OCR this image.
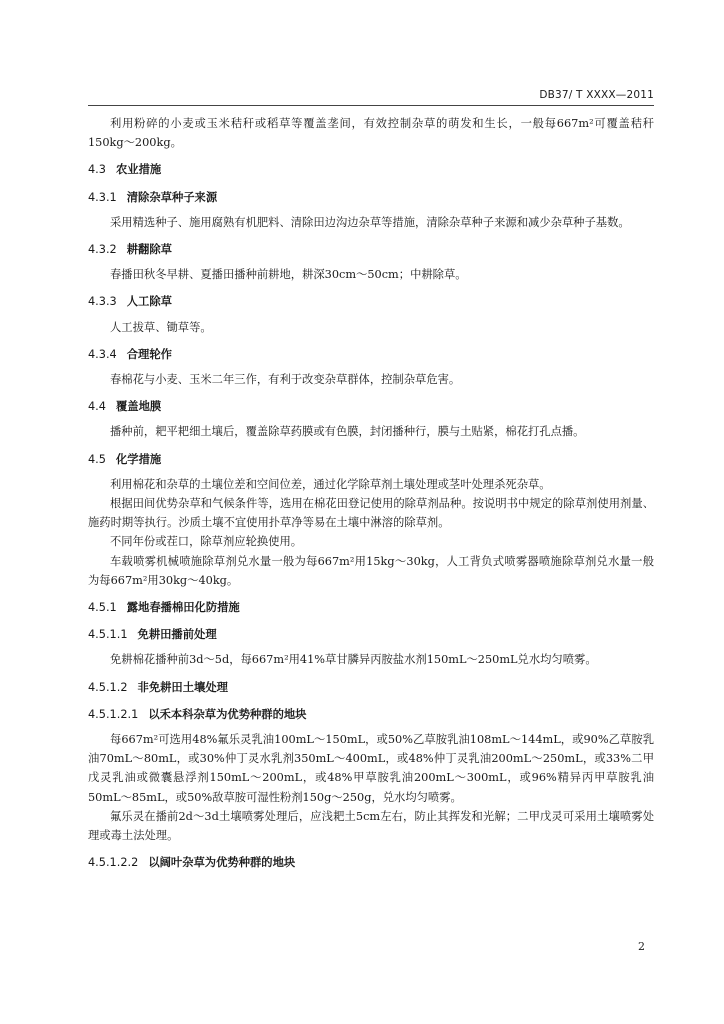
DB37/ T XXXX—2011

利用粉碎的小麦或玉米秸秆或稻草等覆盖垄间，有效控制杂草的萌发和生长，一般每667m²可覆盖秸秆150kg～200kg。

4.3 农业措施
4.3.1 清除杂草种子来源

采用精选种子、施用腐熟有机肥料、清除田边沟边杂草等措施，清除杂草种子来源和减少杂草种子基数。

4.3.2 耕翻除草

春播田秋冬早耕、夏播田播种前耕地，耕深30cm～50cm；中耕除草。

4.3.3 人工除草

人工拔草、锄草等。

4.3.4 合理轮作

春棉花与小麦、玉米二年三作，有利于改变杂草群体，控制杂草危害。

4.4 覆盖地膜

播种前，耙平耙细土壤后，覆盖除草药膜或有色膜，封闭播种行，膜与土贴紧，棉花打孔点播。

4.5 化学措施

利用棉花和杂草的土壤位差和空间位差，通过化学除草剂土壤处理或茎叶处理杀死杂草。

根据田间优势杂草和气候条件等，选用在棉花田登记使用的除草剂品种。按说明书中规定的除草剂使用剂量、施药时期等执行。沙质土壤不宜使用扑草净等易在土壤中淋溶的除草剂。

不同年份或茬口，除草剂应轮换使用。

车载喷雾机械喷施除草剂兑水量一般为每667m²用15kg～30kg，人工背负式喷雾器喷施除草剂兑水量一般为每667m²用30kg～40kg。

4.5.1 露地春播棉田化防措施
4.5.1.1 免耕田播前处理

免耕棉花播种前3d～5d，每667m²用41%草甘膦异丙胺盐水剂150mL～250mL兑水均匀喷雾。

4.5.1.2 非免耕田土壤处理
4.5.1.2.1 以禾本科杂草为优势种群的地块

每667m²可选用48%氟乐灵乳油100mL～150mL，或50%乙草胺乳油108mL～144mL，或90%乙草胺乳油70mL～80mL，或30%仲丁灵水乳剂350mL～400mL，或48%仲丁灵乳油200mL～250mL，或33%二甲戊灵乳油或微囊悬浮剂150mL～200mL，或48%甲草胺乳油200mL～300mL，或96%精异丙甲草胺乳油50mL～85mL，或50%敌草胺可湿性粉剂150g～250g，兑水均匀喷雾。

氟乐灵在播前2d～3d土壤喷雾处理后，应浅耙土5cm左右，防止其挥发和光解；二甲戊灵可采用土壤喷雾处理或毒土法处理。

4.5.1.2.2 以阔叶杂草为优势种群的地块
2
